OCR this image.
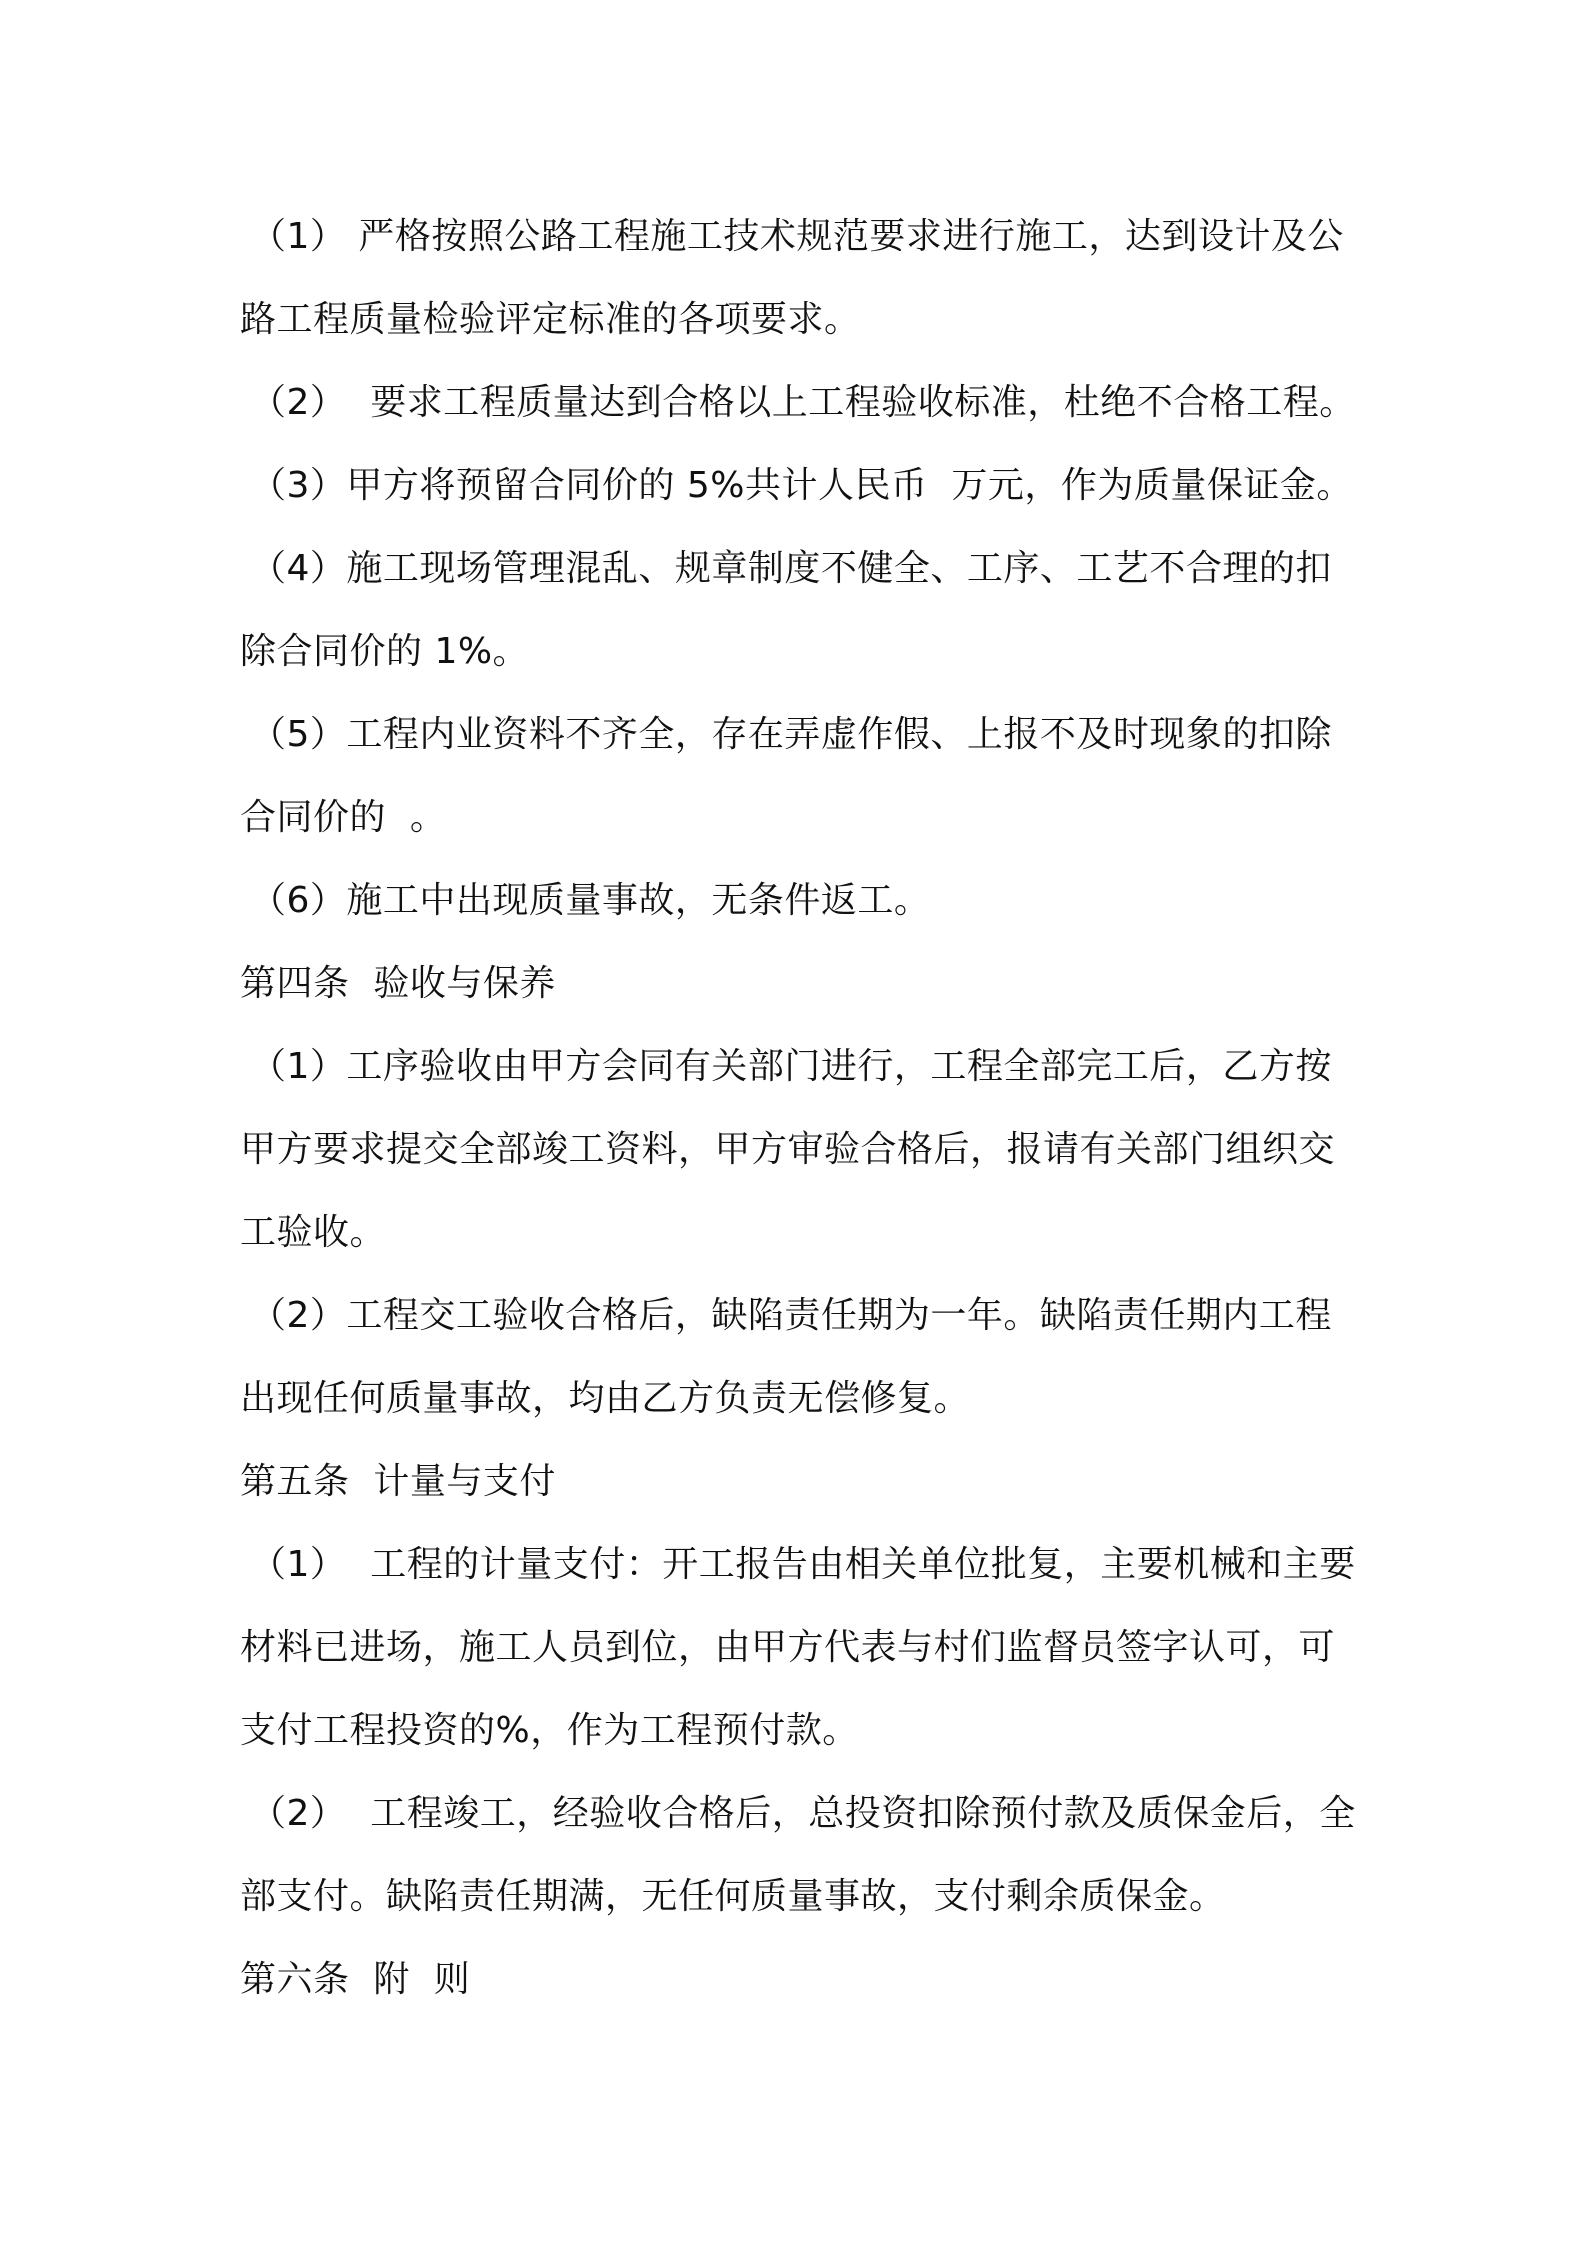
（1） 严格按照公路工程施工技术规范要求进行施工，达到设计及公
路工程质量检验评定标准的各项要求。
（2）  要求工程质量达到合格以上工程验收标准，杜绝不合格工程。
（3）甲方将预留合同价的 5%共计人民币  万元，作为质量保证金。
（4）施工现场管理混乱、规章制度不健全、工序、工艺不合理的扣
除合同价的 1%。
（5）工程内业资料不齐全，存在弄虚作假、上报不及时现象的扣除
合同价的  。
（6）施工中出现质量事故，无条件返工。
第四条  验收与保养
（1）工序验收由甲方会同有关部门进行，工程全部完工后，乙方按
甲方要求提交全部竣工资料，甲方审验合格后，报请有关部门组织交
工验收。
（2）工程交工验收合格后，缺陷责任期为一年。缺陷责任期内工程
出现任何质量事故，均由乙方负责无偿修复。
第五条  计量与支付
（1）  工程的计量支付：开工报告由相关单位批复，主要机械和主要
材料已进场，施工人员到位，由甲方代表与村们监督员签字认可，可
支付工程投资的%，作为工程预付款。
（2）  工程竣工，经验收合格后，总投资扣除预付款及质保金后，全
部支付。缺陷责任期满，无任何质量事故，支付剩余质保金。
第六条  附  则
